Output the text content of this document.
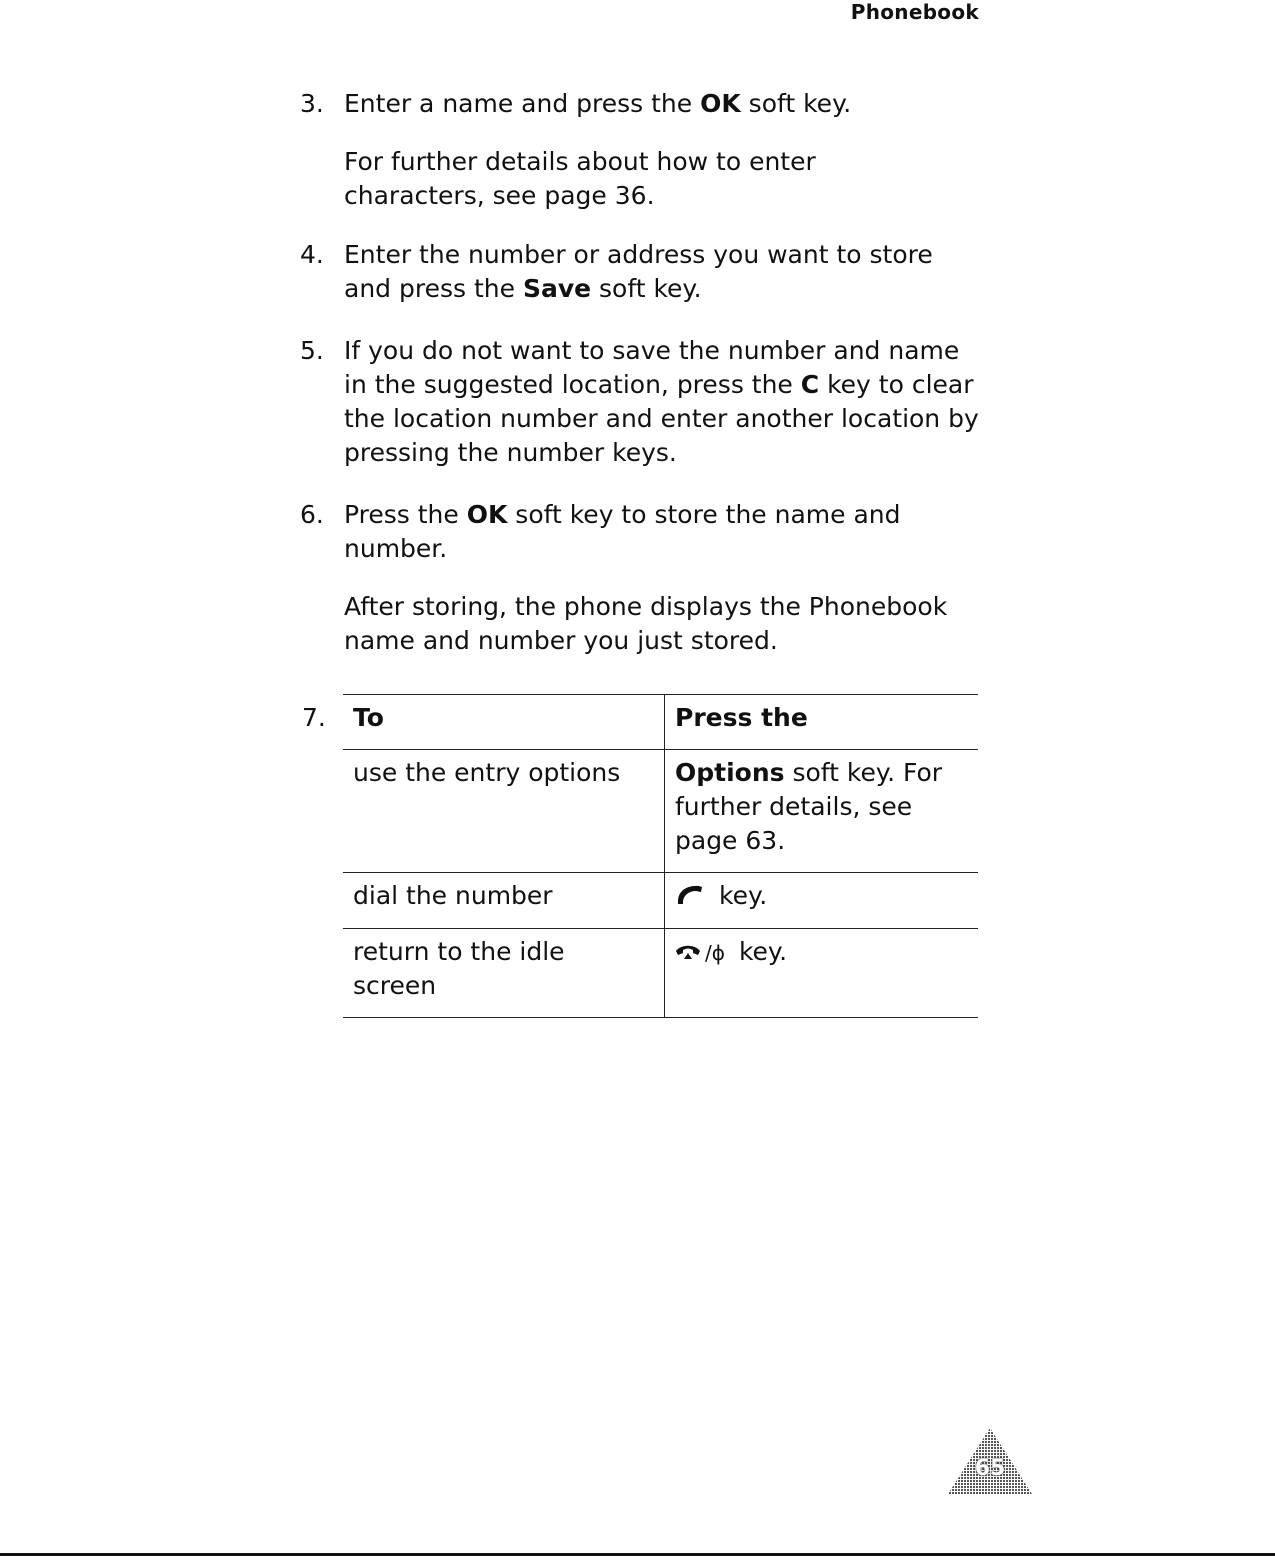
Phonebook
3. Enter a name and press the OK soft key.
For further details about how to enter characters, see page 36.
4. Enter the number or address you want to store and press the Save soft key.
5. If you do not want to save the number and name in the suggested location, press the C key to clear the location number and enter another location by pressing the number keys.
6. Press the OK soft key to store the name and number.
After storing, the phone displays the Phonebook name and number you just stored.
7. To	Press the
use the entry options	Options soft key. For further details, see page 63.
dial the number	key.
return to the idle screen	/ɸ key.
65
